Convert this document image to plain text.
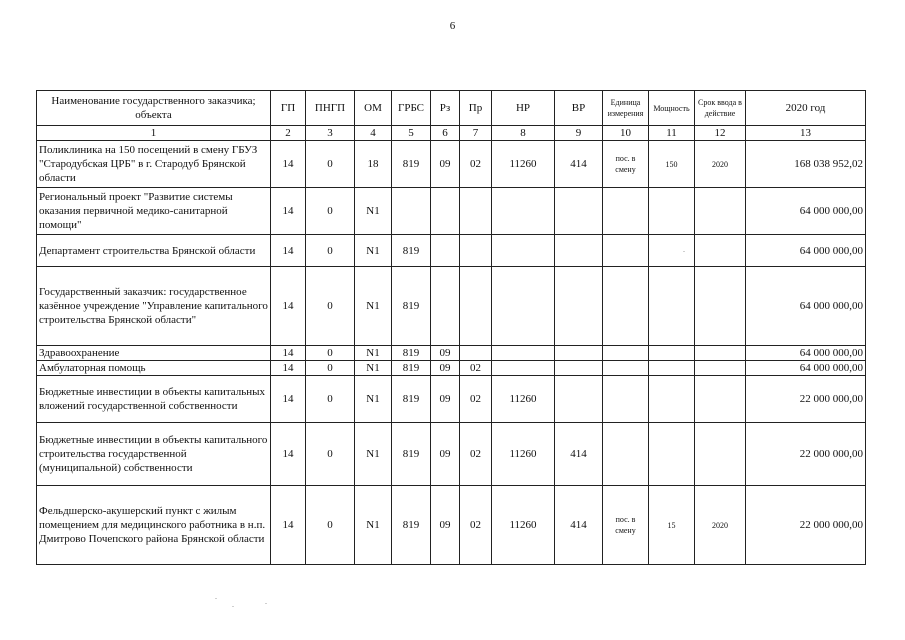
6
Наименование государственного заказчика; объекта	ГП	ПНГП	ОМ	ГРБС	Рз	Пр	НР	ВР	Единица измерения	Мощность	Срок ввода в действие	2020 год
1	2	3	4	5	6	7	8	9	10	11	12	13
Поликлиника на 150 посещений в смену ГБУЗ "Стародубская ЦРБ" в г. Стародуб Брянской области	14	0	18	819	09	02	11260	414	пос. в смену	150	2020	168 038 952,02
Региональный проект "Развитие системы оказания первичной медико-санитарной помощи"	14	0	N1									64 000 000,00
Департамент строительства Брянской области	14	0	N1	819								64 000 000,00
Государственный заказчик: государственное казённое учреждение "Управление капитального строительства Брянской области"	14	0	N1	819								64 000 000,00
Здравоохранение	14	0	N1	819	09							64 000 000,00
Амбулаторная помощь	14	0	N1	819	09	02						64 000 000,00
Бюджетные инвестиции в объекты капитальных вложений государственной собственности	14	0	N1	819	09	02	11260					22 000 000,00
Бюджетные инвестиции в объекты капитального строительства государственной (муниципальной) собственности	14	0	N1	819	09	02	11260	414				22 000 000,00
Фельдшерско-акушерский пункт с жилым помещением для медицинского работника в н.п. Дмитрово Почепского района Брянской области	14	0	N1	819	09	02	11260	414	пос. в смену	15	2020	22 000 000,00
